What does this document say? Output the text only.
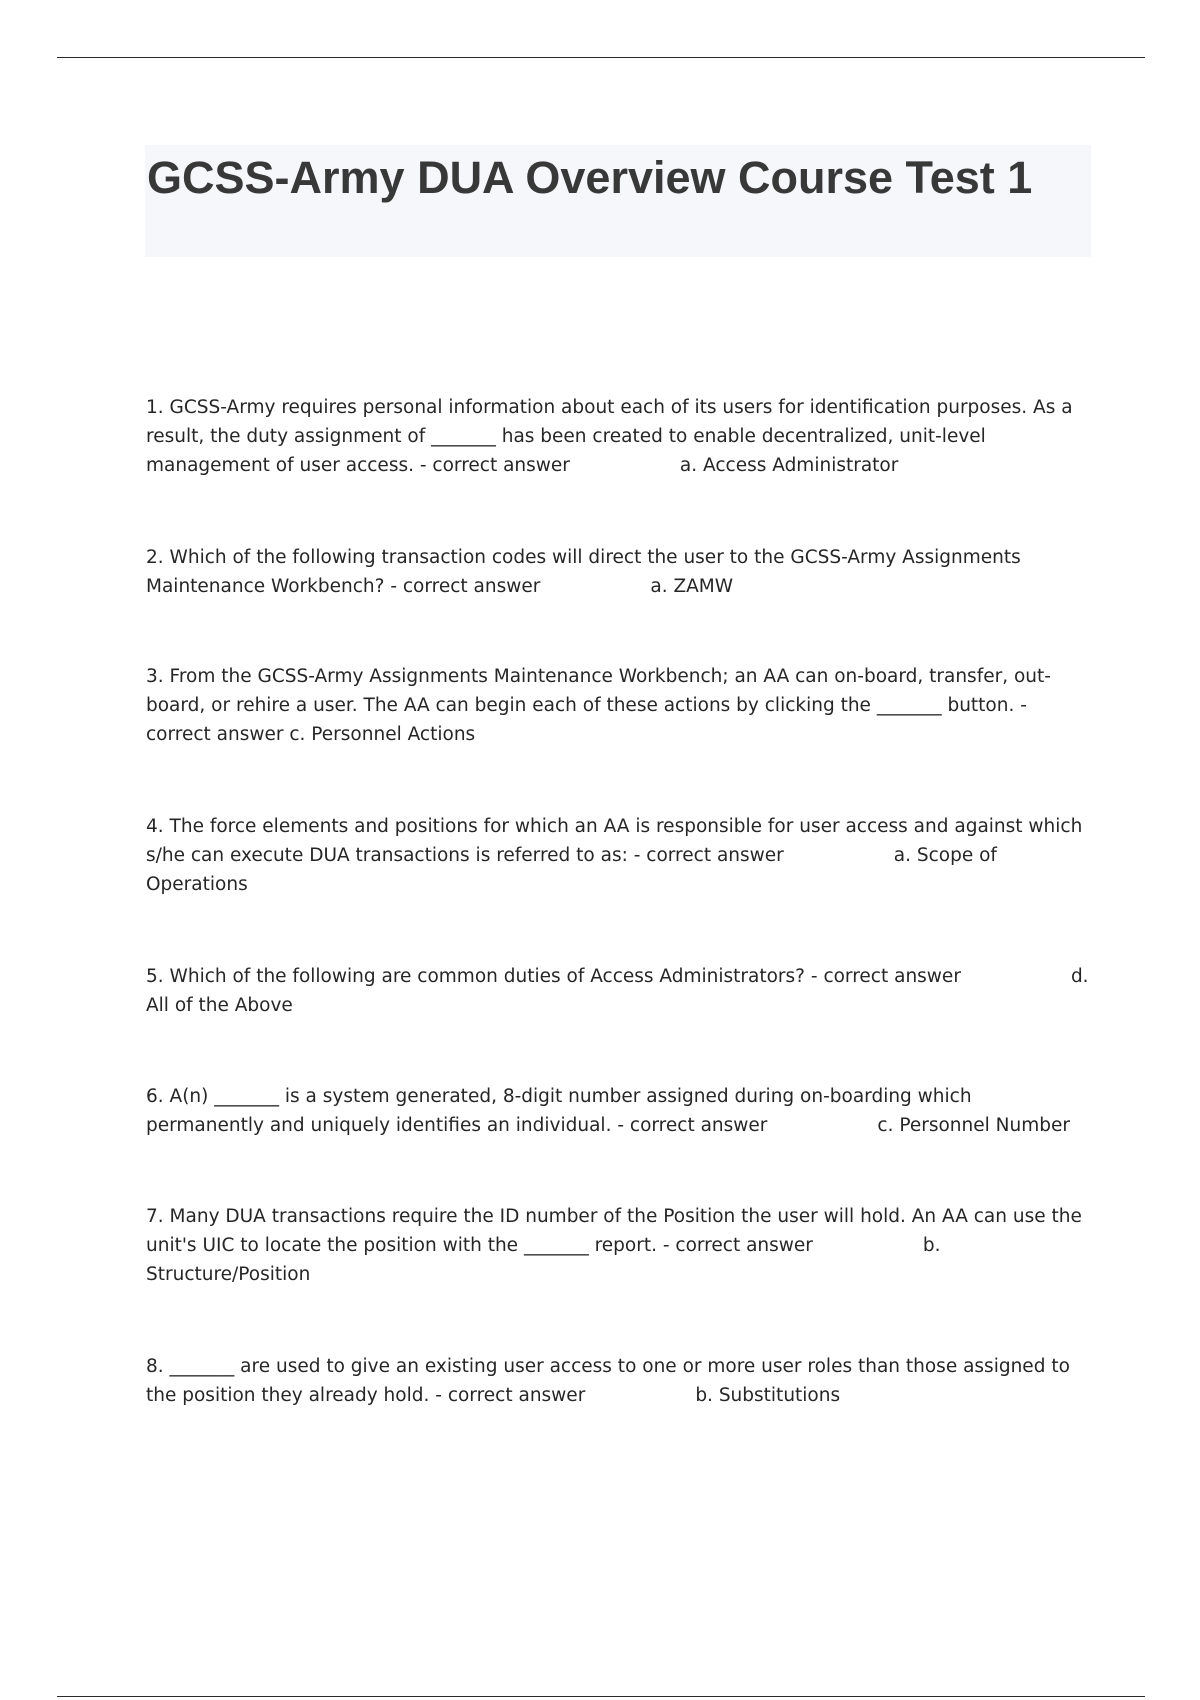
GCSS-Army DUA Overview Course Test 1
1. GCSS-Army requires personal information about each of its users for identification purposes. As a result, the duty assignment of _______ has been created to enable decentralized, unit-level management of user access. - correct answer	a. Access Administrator
2. Which of the following transaction codes will direct the user to the GCSS-Army Assignments Maintenance Workbench? - correct answer	a. ZAMW
3. From the GCSS-Army Assignments Maintenance Workbench; an AA can on-board, transfer, out-board, or rehire a user. The AA can begin each of these actions by clicking the _______ button. - correct answer c. Personnel Actions
4. The force elements and positions for which an AA is responsible for user access and against which s/he can execute DUA transactions is referred to as: - correct answer	a. Scope of Operations
5. Which of the following are common duties of Access Administrators? - correct answer	d. All of the Above
6. A(n) _______ is a system generated, 8-digit number assigned during on-boarding which permanently and uniquely identifies an individual. - correct answer	c. Personnel Number
7. Many DUA transactions require the ID number of the Position the user will hold. An AA can use the unit's UIC to locate the position with the _______ report. - correct answer	b. Structure/Position
8. _______ are used to give an existing user access to one or more user roles than those assigned to the position they already hold. - correct answer	b. Substitutions
